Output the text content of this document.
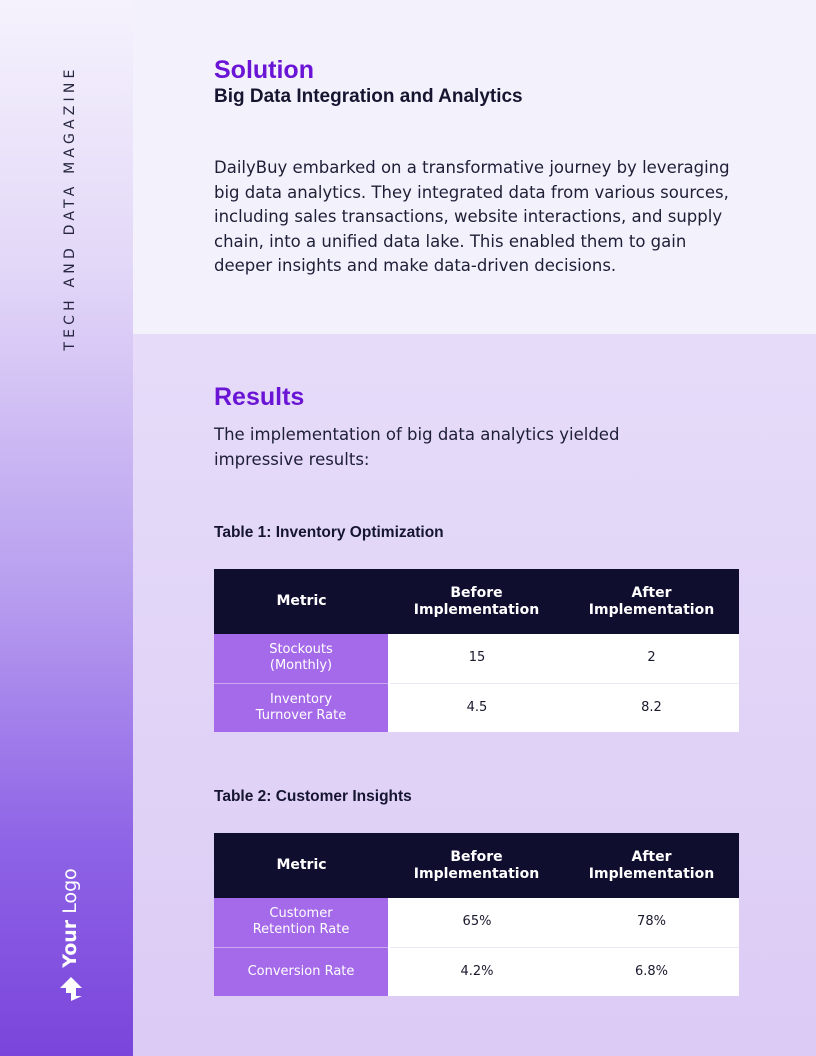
TECH AND DATA MAGAZINE
Your Logo
Solution
Big Data Integration and Analytics
DailyBuy embarked on a transformative journey by leveraging
big data analytics. They integrated data from various sources,
including sales transactions, website interactions, and supply
chain, into a unified data lake. This enabled them to gain
deeper insights and make data-driven decisions.
Results
The implementation of big data analytics yielded
impressive results:
Table 1: Inventory Optimization
Metric	Before Implementation	After Implementation
Stockouts (Monthly)	15	2
Inventory Turnover Rate	4.5	8.2
Table 2: Customer Insights
Metric	Before Implementation	After Implementation
Customer Retention Rate	65%	78%
Conversion Rate	4.2%	6.8%
